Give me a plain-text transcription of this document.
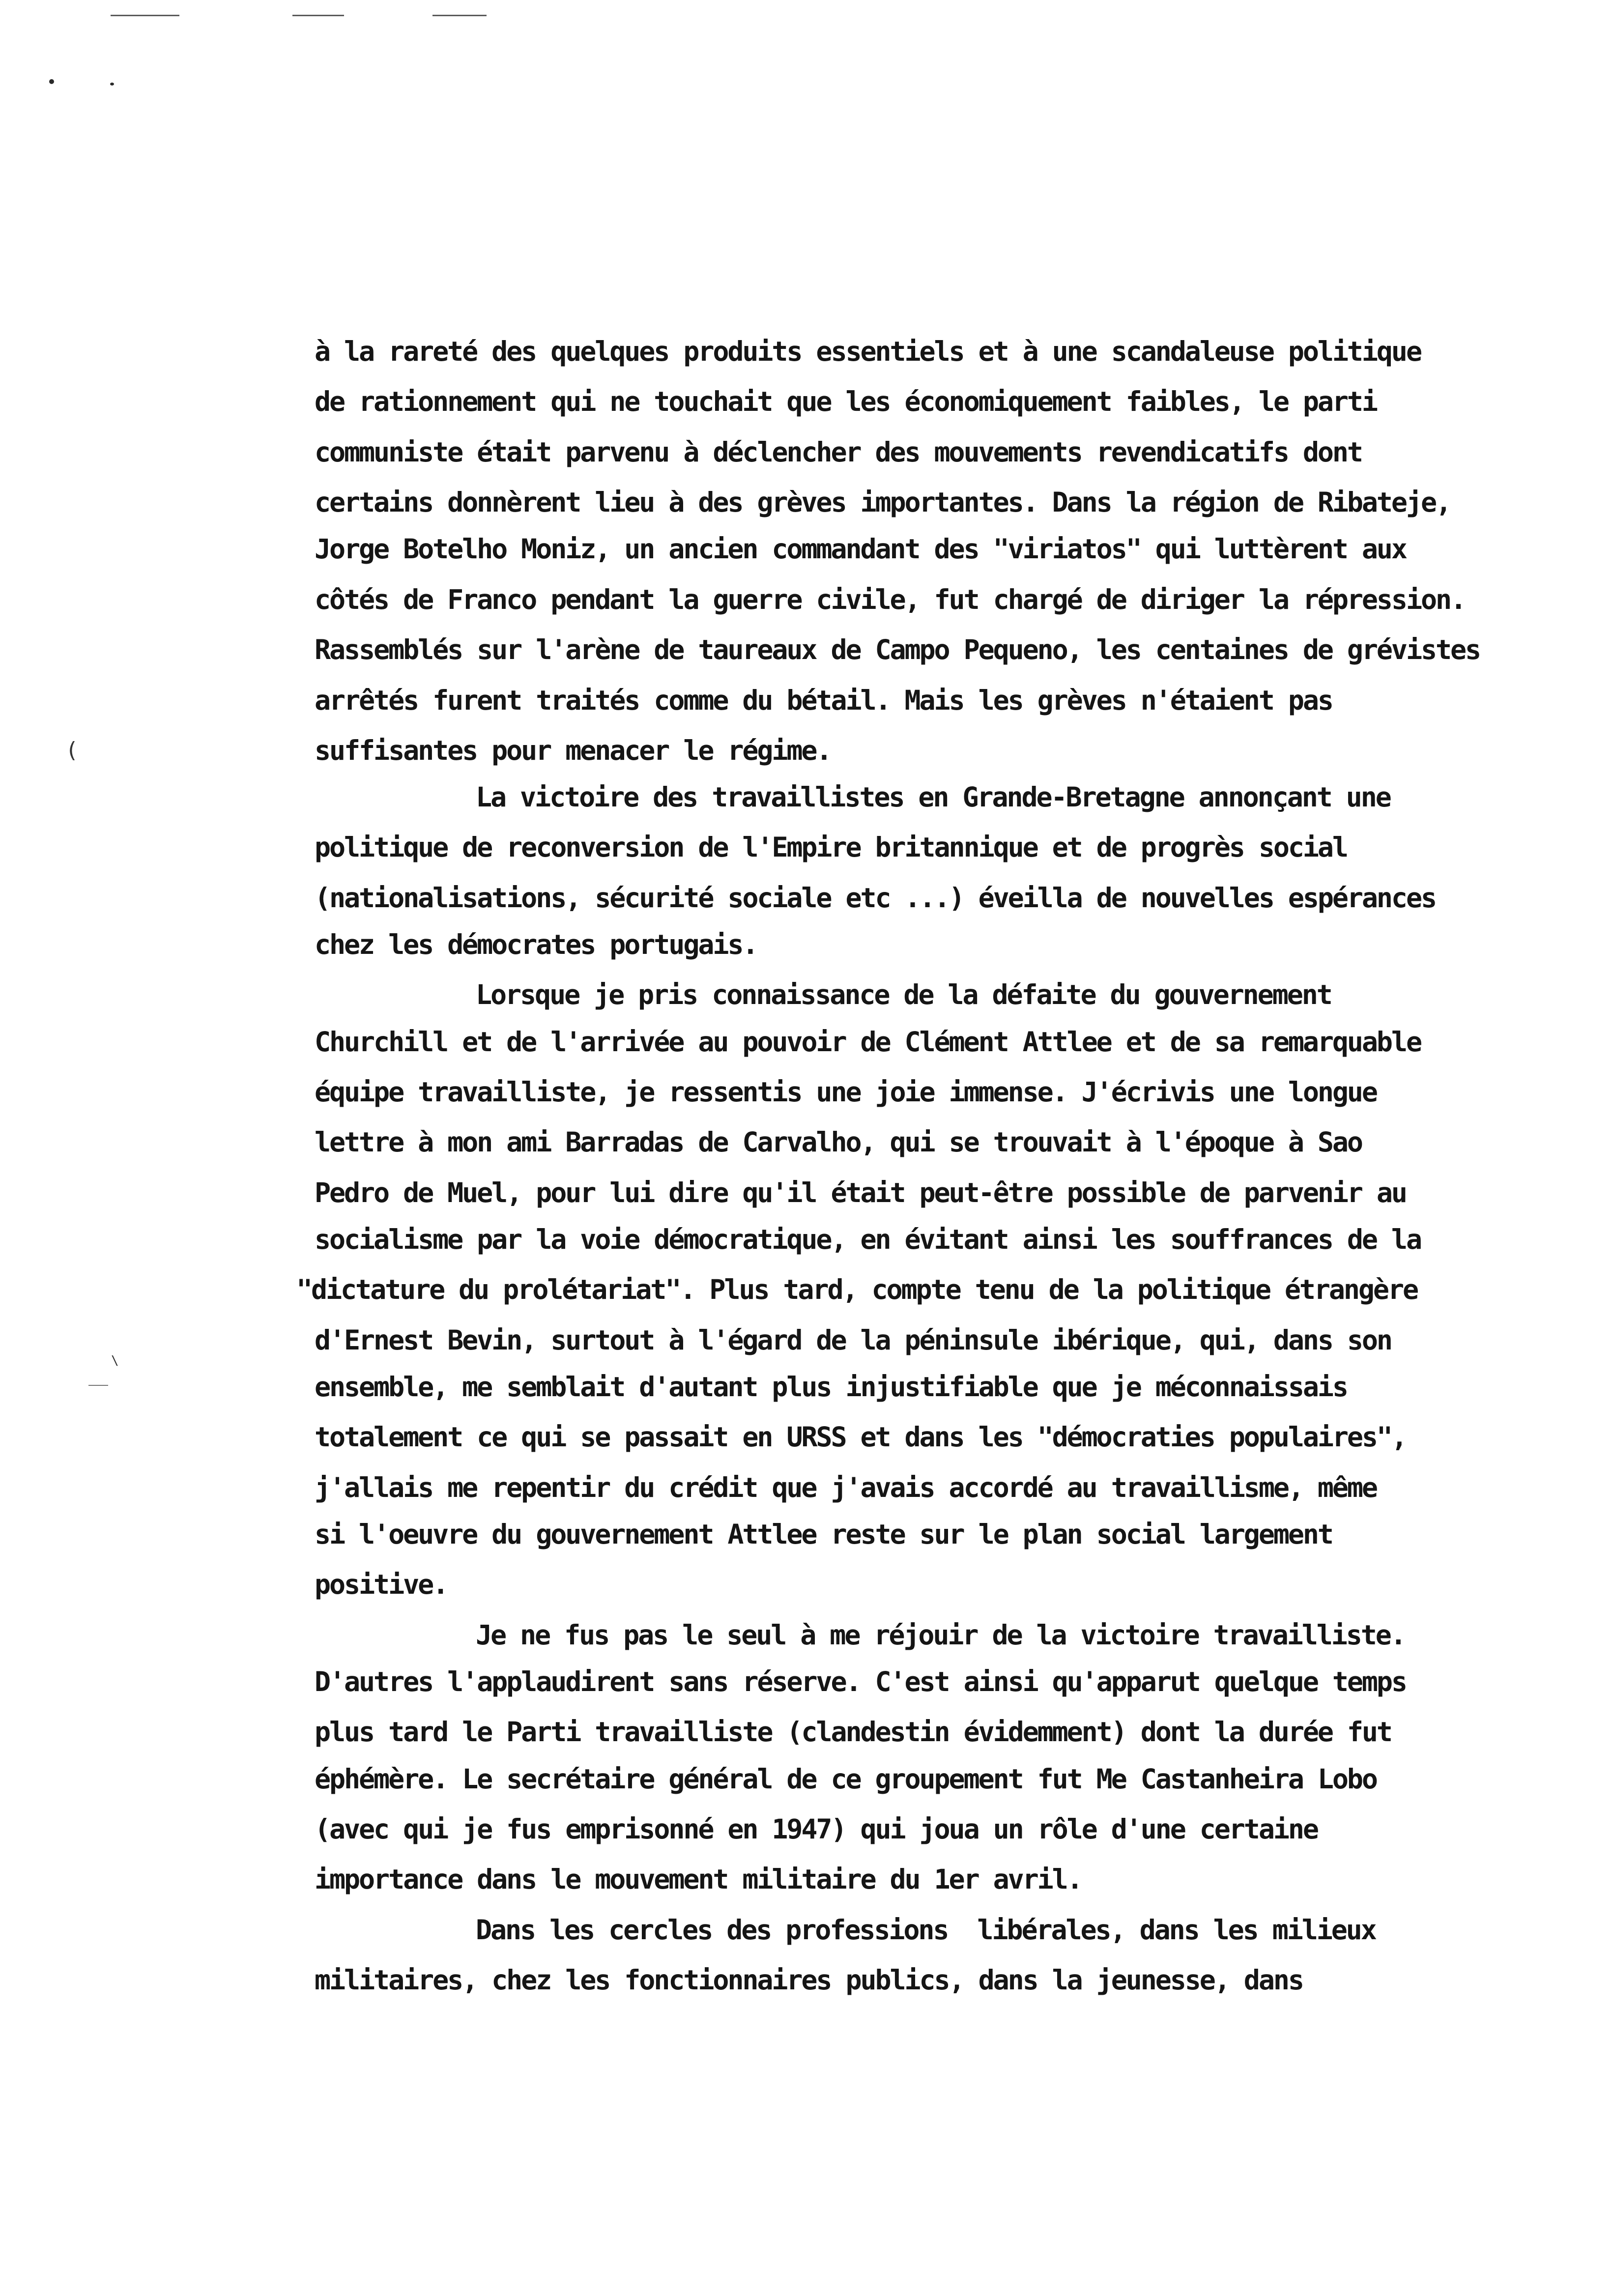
(
\
à la rareté des quelques produits essentiels et à une scandaleuse politique
de rationnement qui ne touchait que les économiquement faibles, le parti
communiste était parvenu à déclencher des mouvements revendicatifs dont
certains donnèrent lieu à des grèves importantes. Dans la région de Ribateje,
Jorge Botelho Moniz, un ancien commandant des "viriatos" qui luttèrent aux
côtés de Franco pendant la guerre civile, fut chargé de diriger la répression.
Rassemblés sur l'arène de taureaux de Campo Pequeno, les centaines de grévistes
arrêtés furent traités comme du bétail. Mais les grèves n'étaient pas
suffisantes pour menacer le régime.
La victoire des travaillistes en Grande-Bretagne annonçant une
politique de reconversion de l'Empire britannique et de progrès social
(nationalisations, sécurité sociale etc ...) éveilla de nouvelles espérances
chez les démocrates portugais.
Lorsque je pris connaissance de la défaite du gouvernement
Churchill et de l'arrivée au pouvoir de Clément Attlee et de sa remarquable
équipe travailliste, je ressentis une joie immense. J'écrivis une longue
lettre à mon ami Barradas de Carvalho, qui se trouvait à l'époque à Sao
Pedro de Muel, pour lui dire qu'il était peut-être possible de parvenir au
socialisme par la voie démocratique, en évitant ainsi les souffrances de la
"dictature du prolétariat". Plus tard, compte tenu de la politique étrangère
d'Ernest Bevin, surtout à l'égard de la péninsule ibérique, qui, dans son
ensemble, me semblait d'autant plus injustifiable que je méconnaissais
totalement ce qui se passait en URSS et dans les "démocraties populaires",
j'allais me repentir du crédit que j'avais accordé au travaillisme, même
si l'oeuvre du gouvernement Attlee reste sur le plan social largement
positive.
Je ne fus pas le seul à me réjouir de la victoire travailliste.
D'autres l'applaudirent sans réserve. C'est ainsi qu'apparut quelque temps
plus tard le Parti travailliste (clandestin évidemment) dont la durée fut
éphémère. Le secrétaire général de ce groupement fut Me Castanheira Lobo
(avec qui je fus emprisonné en 1947) qui joua un rôle d'une certaine
importance dans le mouvement militaire du 1er avril.
Dans les cercles des professions  libérales, dans les milieux
militaires, chez les fonctionnaires publics, dans la jeunesse, dans
